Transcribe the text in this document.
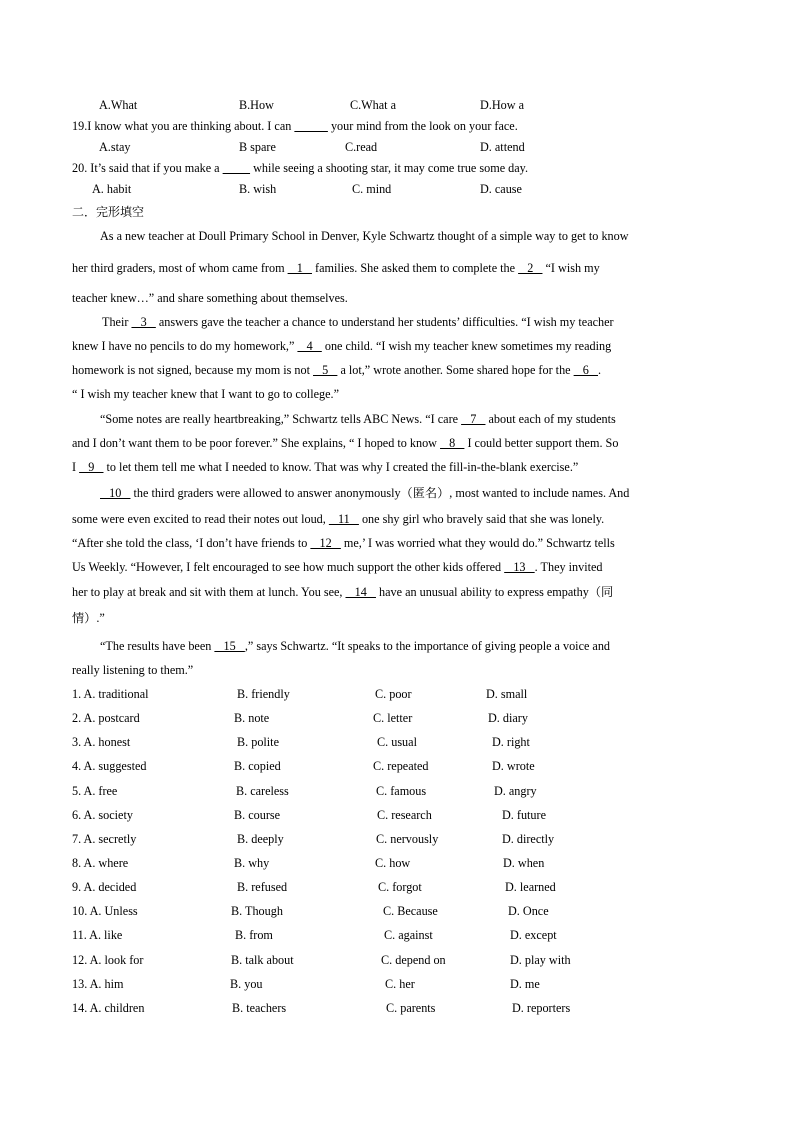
A.What	B.How	C.What a	D.How a
19.I know what you are thinking about. I can	your mind from the look on your face.
A.stay	B spare	C.read	D. attend
20. It’s said that if you make a	while seeing a shooting star, it may come true some day.
A. habit	B. wish	C. mind	D. cause
二．完形填空
As a new teacher at Doull Primary School in Denver, Kyle Schwartz thought of a simple way to get to know
her third graders, most of whom came from    1    families. She asked them to complete the    2    “I wish my
teacher knew…” and share something about themselves.
Their    3    answers gave the teacher a chance to understand her students’ difficulties. “I wish my teacher
knew I have no pencils to do my homework,”    4    one child. “I wish my teacher knew sometimes my reading
homework is not signed, because my mom is not    5    a lot,” wrote another. Some shared hope for the    6   .
“ I wish my teacher knew that I want to go to college.”
“Some notes are really heartbreaking,” Schwartz tells ABC News. “I care    7    about each of my students
and I don’t want them to be poor forever.” She explains, “ I hoped to know    8    I could better support them. So
I    9    to let them tell me what I needed to know. That was why I created the fill-in-the-blank exercise.”
10    the third graders were allowed to answer anonymously（匿名）, most wanted to include names. And
some were even excited to read their notes out loud,    11    one shy girl who bravely said that she was lonely.
“After she told the class, ‘I don’t have friends to    12    me,’ I was worried what they would do.” Schwartz tells
Us Weekly. “However, I felt encouraged to see how much support the other kids offered    13   . They invited
her to play at break and sit with them at lunch. You see,    14    have an unusual ability to express empathy（同
情）.”
“The results have been    15   ,” says Schwartz. “It speaks to the importance of giving people a voice and
really listening to them.”
1. A. traditional	B. friendly	C. poor	D. small
2. A. postcard	B. note	C. letter	D. diary
3. A. honest	B. polite	C. usual	D. right
4. A. suggested	B. copied	C. repeated	D. wrote
5. A. free	B. careless	C. famous	D. angry
6. A. society	B. course	C. research	D. future
7. A. secretly	B. deeply	C. nervously	D. directly
8. A. where	B. why	C. how	D. when
9. A. decided	B. refused	C. forgot	D. learned
10. A. Unless	B. Though	C. Because	D. Once
11. A. like	B. from	C. against	D. except
12. A. look for	B. talk about	C. depend on	D. play with
13. A. him	B. you	C. her	D. me
14. A. children	B. teachers	C. parents	D. reporters
